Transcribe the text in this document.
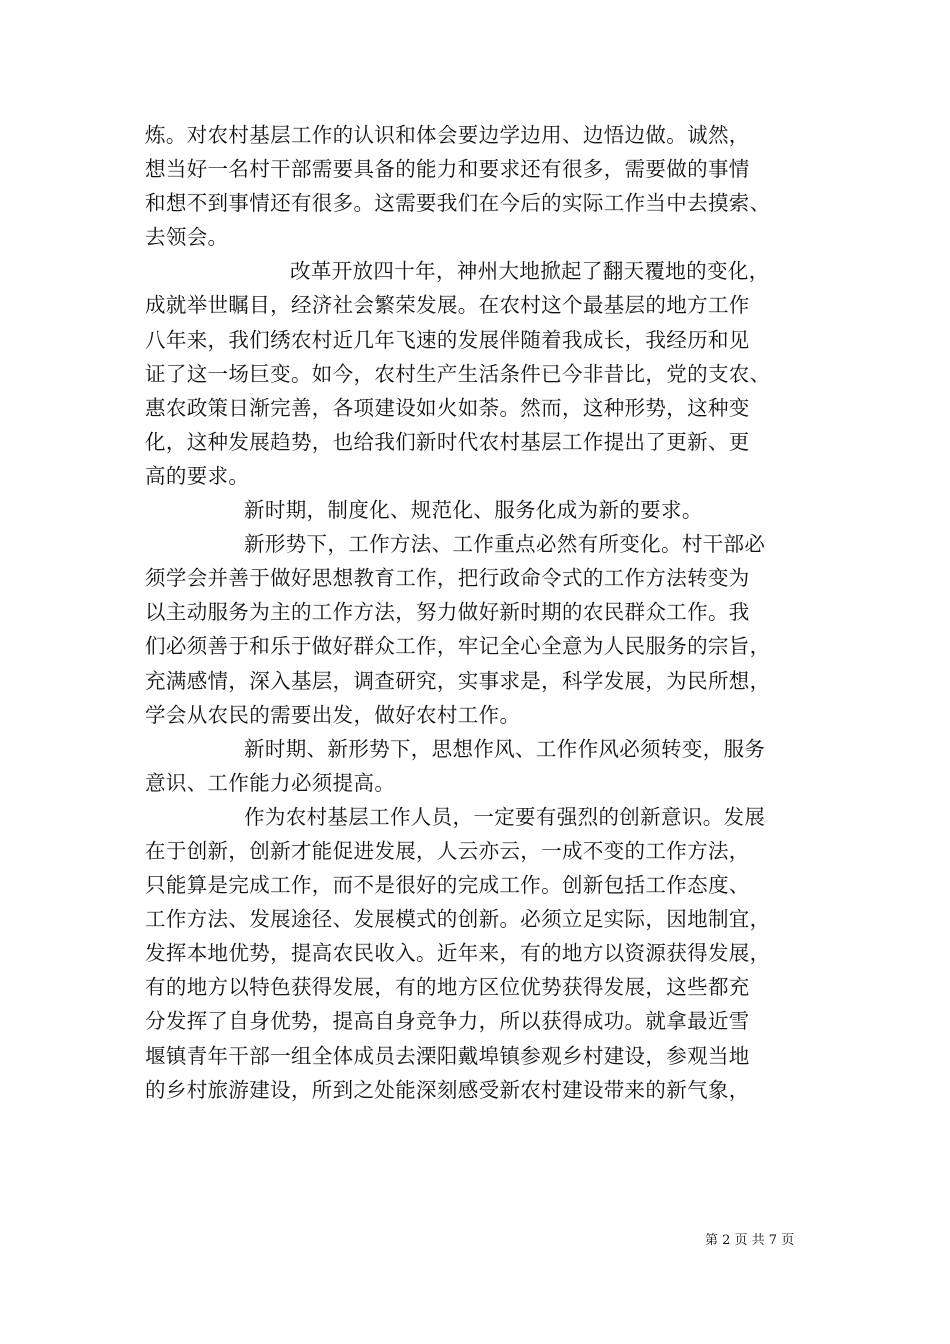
炼。对农村基层工作的认识和体会要边学边用、边悟边做。诚然，
想当好一名村干部需要具备的能力和要求还有很多，需要做的事情
和想不到事情还有很多。这需要我们在今后的实际工作当中去摸索、
去领会。
改革开放四十年，神州大地掀起了翻天覆地的变化，
成就举世瞩目，经济社会繁荣发展。在农村这个最基层的地方工作
八年来，我们绣农村近几年飞速的发展伴随着我成长，我经历和见
证了这一场巨变。如今，农村生产生活条件已今非昔比，党的支农、
惠农政策日渐完善，各项建设如火如荼。然而，这种形势，这种变
化，这种发展趋势，也给我们新时代农村基层工作提出了更新、更
高的要求。
新时期，制度化、规范化、服务化成为新的要求。
新形势下，工作方法、工作重点必然有所变化。村干部必
须学会并善于做好思想教育工作，把行政命令式的工作方法转变为
以主动服务为主的工作方法，努力做好新时期的农民群众工作。我
们必须善于和乐于做好群众工作，牢记全心全意为人民服务的宗旨，
充满感情，深入基层，调查研究，实事求是，科学发展，为民所想，
学会从农民的需要出发，做好农村工作。
新时期、新形势下，思想作风、工作作风必须转变，服务
意识、工作能力必须提高。
作为农村基层工作人员，一定要有强烈的创新意识。发展
在于创新，创新才能促进发展，人云亦云，一成不变的工作方法，
只能算是完成工作，而不是很好的完成工作。创新包括工作态度、
工作方法、发展途径、发展模式的创新。必须立足实际，因地制宜，
发挥本地优势，提高农民收入。近年来，有的地方以资源获得发展，
有的地方以特色获得发展，有的地方区位优势获得发展，这些都充
分发挥了自身优势，提高自身竞争力，所以获得成功。就拿最近雪
堰镇青年干部一组全体成员去溧阳戴埠镇参观乡村建设，参观当地
的乡村旅游建设，所到之处能深刻感受新农村建设带来的新气象，
第 2 页 共 7 页
